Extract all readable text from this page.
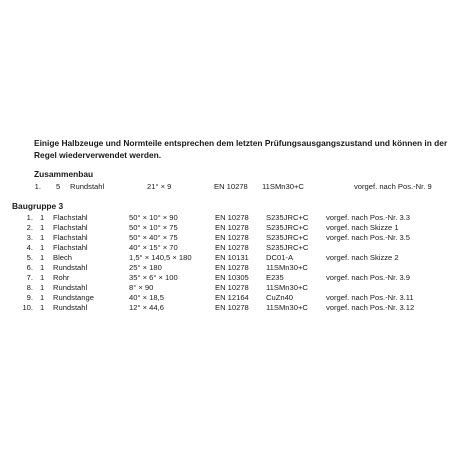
Einige Halbzeuge und Normteile entsprechen dem letzten Prüfungsausgangszustand und können in der Regel wiederverwendet werden.
Zusammenbau
1. 5 Rundstahl	21° × 9	EN 10278 11SMn30+C	vorgef. nach Pos.-Nr. 9
Baugruppe 3
1. 1 Flachstahl	50° × 10° × 90	EN 10278 S235JRC+C vorgef. nach Pos.-Nr. 3.3
2. 1 Flachstahl	50° × 10° × 75	EN 10278 S235JRC+C vorgef. nach Skizze 1
3. 1 Flachstahl	50° × 40° × 75	EN 10278 S235JRC+C vorgef. nach Pos.-Nr. 3.5
4. 1 Flachstahl	40° × 15° × 70	EN 10278 S235JRC+C
5. 1 Blech	1,5° × 140,5 × 180	EN 10131 DC01-A	vorgef. nach Skizze 2
6. 1 Rundstahl	25° × 180	EN 10278 11SMn30+C
7. 1 Rohr	35° × 6° × 100	EN 10305 E235	vorgef. nach Pos.-Nr. 3.9
8. 1 Rundstahl	8° × 90	EN 10278 11SMn30+C
9. 1 Rundstange	40° × 18,5	EN 12164 CuZn40	vorgef. nach Pos.-Nr. 3.11
10. 1 Rundstahl	12° × 44,6	EN 10278 11SMn30+C vorgef. nach Pos.-Nr. 3.12
